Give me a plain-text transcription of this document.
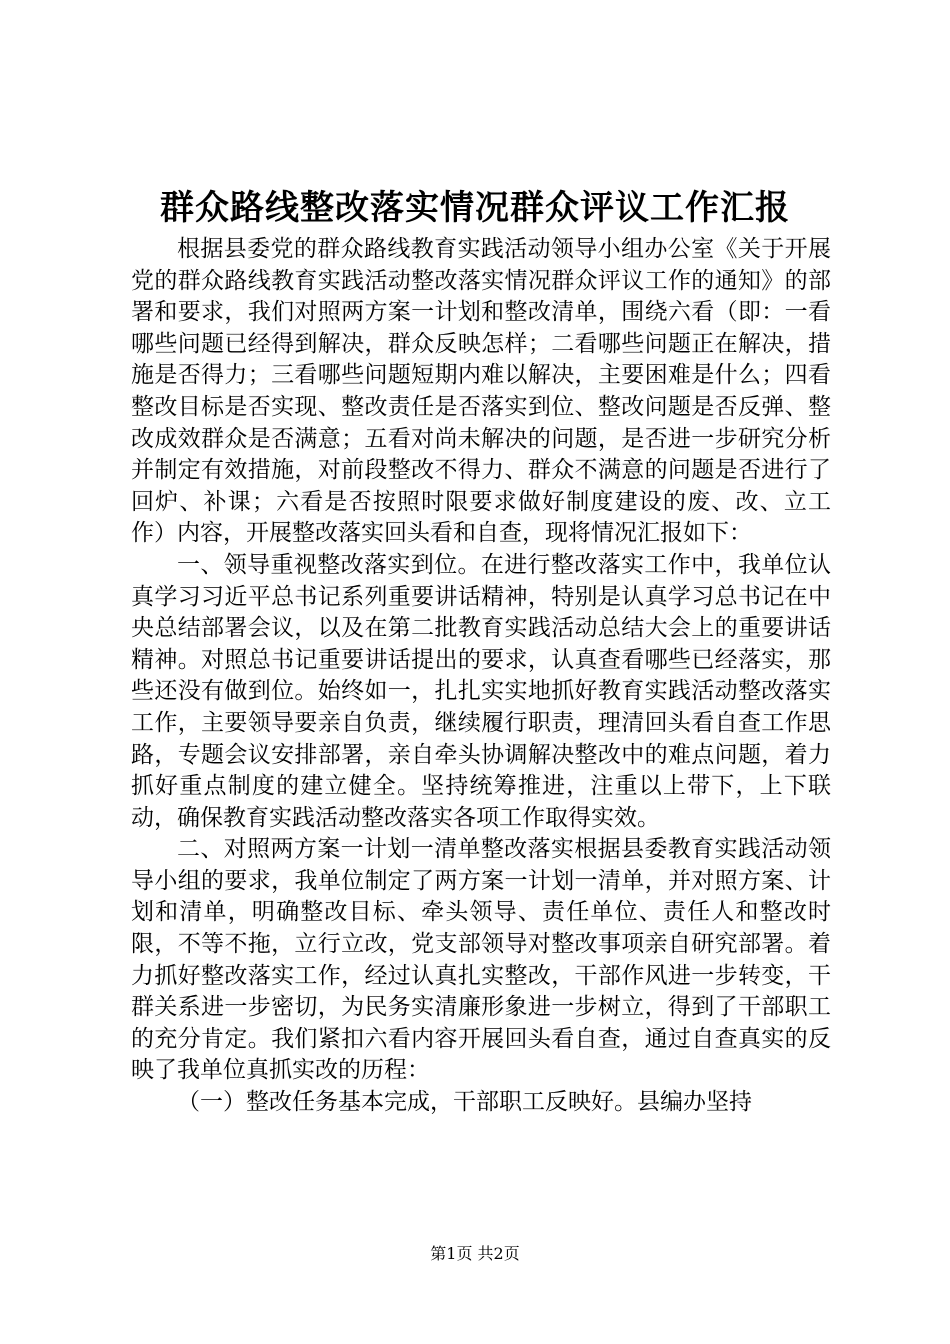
群众路线整改落实情况群众评议工作汇报

根据县委党的群众路线教育实践活动领导小组办公室《关于开展党的群众路线教育实践活动整改落实情况群众评议工作的通知》的部署和要求，我们对照两方案一计划和整改清单，围绕六看（即：一看哪些问题已经得到解决，群众反映怎样；二看哪些问题正在解决，措施是否得力；三看哪些问题短期内难以解决，主要困难是什么；四看整改目标是否实现、整改责任是否落实到位、整改问题是否反弹、整改成效群众是否满意；五看对尚未解决的问题，是否进一步研究分析并制定有效措施，对前段整改不得力、群众不满意的问题是否进行了回炉、补课；六看是否按照时限要求做好制度建设的废、改、立工作）内容，开展整改落实回头看和自查，现将情况汇报如下：

一、领导重视整改落实到位。在进行整改落实工作中，我单位认真学习习近平总书记系列重要讲话精神，特别是认真学习总书记在中央总结部署会议，以及在第二批教育实践活动总结大会上的重要讲话精神。对照总书记重要讲话提出的要求，认真查看哪些已经落实，那些还没有做到位。始终如一，扎扎实实地抓好教育实践活动整改落实工作，主要领导要亲自负责，继续履行职责，理清回头看自查工作思路，专题会议安排部署，亲自牵头协调解决整改中的难点问题，着力抓好重点制度的建立健全。坚持统筹推进，注重以上带下，上下联动，确保教育实践活动整改落实各项工作取得实效。

二、对照两方案一计划一清单整改落实根据县委教育实践活动领导小组的要求，我单位制定了两方案一计划一清单，并对照方案、计划和清单，明确整改目标、牵头领导、责任单位、责任人和整改时限，不等不拖，立行立改，党支部领导对整改事项亲自研究部署。着力抓好整改落实工作，经过认真扎实整改，干部作风进一步转变，干群关系进一步密切，为民务实清廉形象进一步树立，得到了干部职工的充分肯定。我们紧扣六看内容开展回头看自查，通过自查真实的反映了我单位真抓实改的历程：

（一）整改任务基本完成，干部职工反映好。县编办坚持

第1页 共2页
